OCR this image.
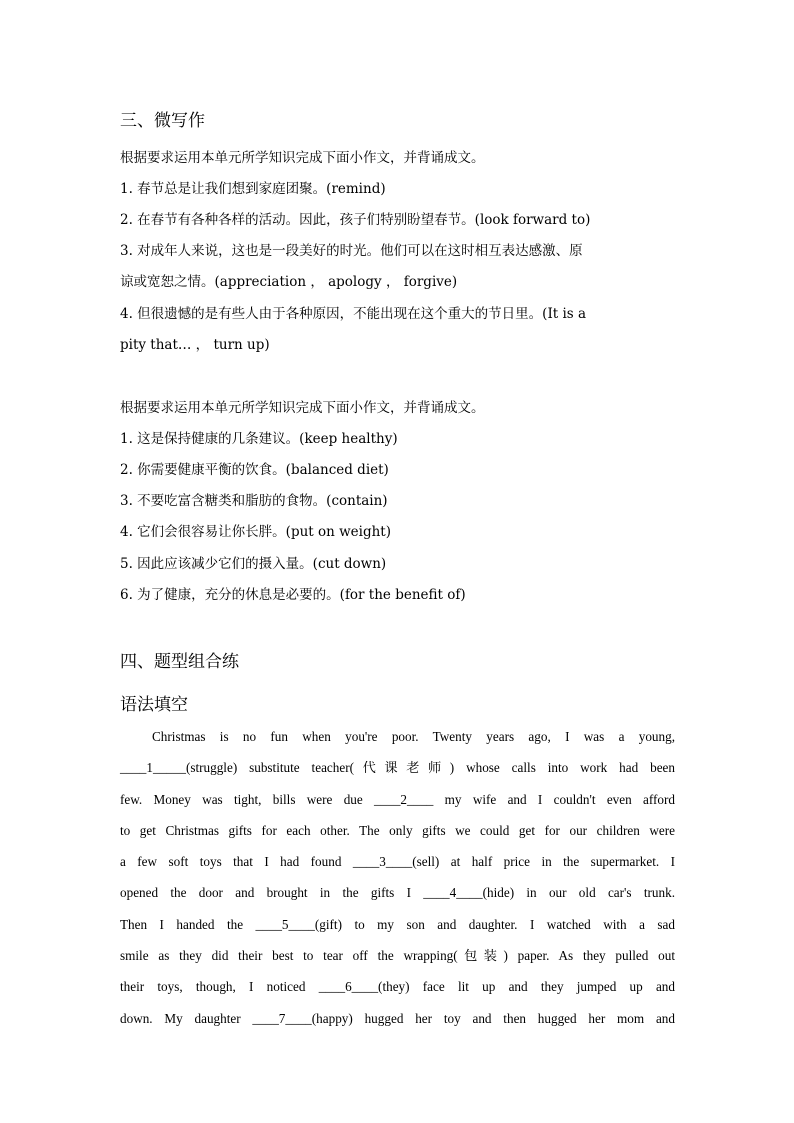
三、微写作
根据要求运用本单元所学知识完成下面小作文，并背诵成文。
1. 春节总是让我们想到家庭团聚。(remind)
2. 在春节有各种各样的活动。因此，孩子们特别盼望春节。(look forward to)
3. 对成年人来说，这也是一段美好的时光。他们可以在这时相互表达感激、原
谅或宽恕之情。(appreciation ， apology ， forgive)
4. 但很遗憾的是有些人由于各种原因，不能出现在这个重大的节日里。(It is a
pity that… ， turn up)
根据要求运用本单元所学知识完成下面小作文，并背诵成文。
1. 这是保持健康的几条建议。(keep healthy)
2. 你需要健康平衡的饮食。(balanced diet)
3. 不要吃富含糖类和脂肪的食物。(contain)
4. 它们会很容易让你长胖。(put on weight)
5. 因此应该减少它们的摄入量。(cut down)
6. 为了健康，充分的休息是必要的。(for the benefit of)
四、题型组合练
语法填空
Christmas is no fun when you're poor. Twenty years ago, I was a young,
____1_____(struggle) substitute teacher(代课老师) whose calls into work had been
few. Money was tight, bills were due ____2____ my wife and I couldn't even afford
to get Christmas gifts for each other. The only gifts we could get for our children were
a few soft toys that I had found ____3____(sell) at half price in the supermarket. I
opened the door and brought in the gifts I ____4____(hide) in our old car's trunk.
Then I handed the ____5____(gift) to my son and daughter. I watched with a sad
smile as they did their best to tear off the wrapping(包装) paper. As they pulled out
their toys, though, I noticed ____6____(they) face lit up and they jumped up and
down. My daughter ____7____(happy) hugged her toy and then hugged her mom and
